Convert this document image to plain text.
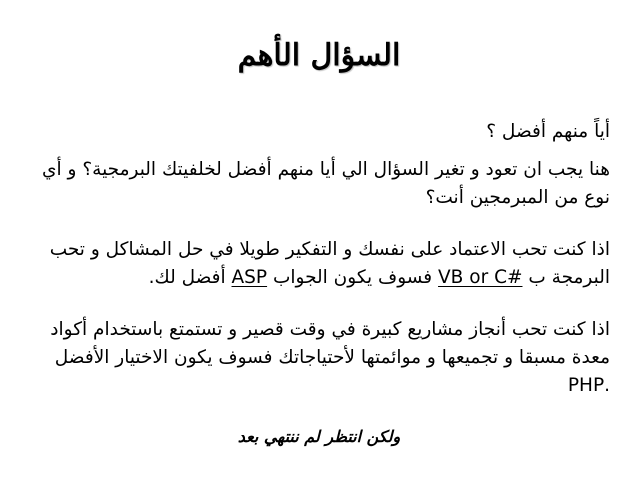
السؤال الأهم
أياً منهم أفضل ؟
هنا يجب ان تعود و تغير السؤال الي أيا منهم أفضل لخلفيتك البرمجية؟ و أي
نوع من المبرمجين أنت؟
اذا كنت تحب الاعتماد على نفسك و التفكير طويلا في حل المشاكل و تحب
البرمجة ب VB or C# فسوف يكون الجواب ASP أفضل لك.
اذا كنت تحب أنجاز مشاريع كبيرة في وقت قصير و تستمتع باستخدام أكواد
معدة مسبقا و تجميعها و موائمتها لأحتياجاتك فسوف يكون الاختيار الأفضل
.PHP
ولكن انتظر لم ننتهي بعد
